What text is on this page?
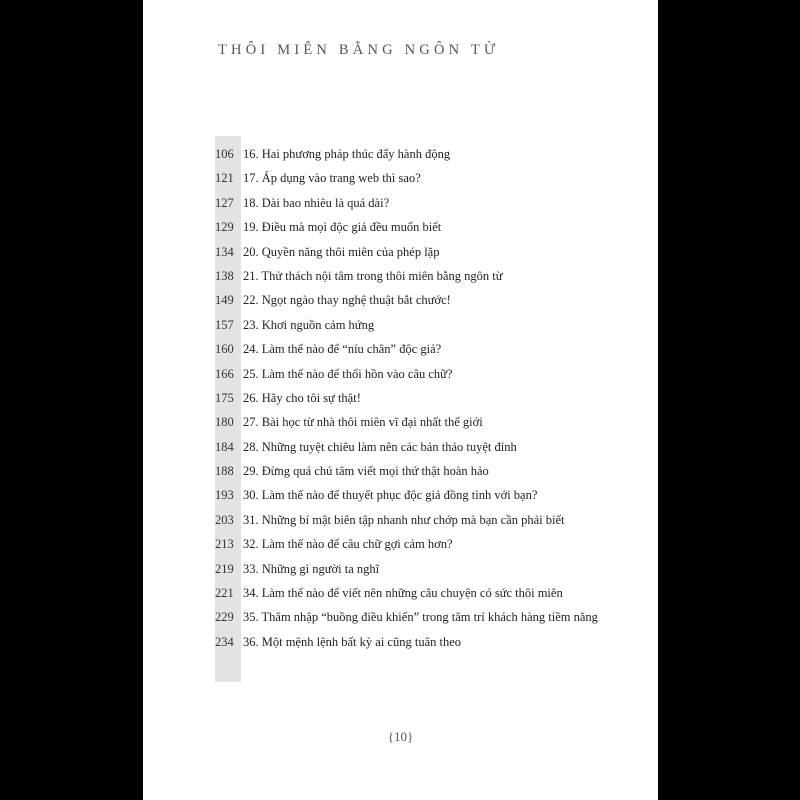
THÔI MIÊN BẰNG NGÔN TỪ
106 16. Hai phương pháp thúc đẩy hành động
121 17. Áp dụng vào trang web thì sao?
127 18. Dài bao nhiêu là quá dài?
129 19. Điều mà mọi độc giả đều muốn biết
134 20. Quyền năng thôi miên của phép lặp
138 21. Thử thách nội tâm trong thôi miên bằng ngôn từ
149 22. Ngọt ngào thay nghệ thuật bắt chước!
157 23. Khơi nguồn cảm hứng
160 24. Làm thế nào để “níu chân” độc giả?
166 25. Làm thế nào để thổi hồn vào câu chữ?
175 26. Hãy cho tôi sự thật!
180 27. Bài học từ nhà thôi miên vĩ đại nhất thế giới
184 28. Những tuyệt chiêu làm nên các bản thảo tuyệt đỉnh
188 29. Đừng quá chú tâm viết mọi thứ thật hoàn hảo
193 30. Làm thế nào để thuyết phục độc giả đồng tình với bạn?
203 31. Những bí mật biên tập nhanh như chớp mà bạn cần phải biết
213 32. Làm thế nào để câu chữ gợi cảm hơn?
219 33. Những gì người ta nghĩ
221 34. Làm thế nào để viết nên những câu chuyện có sức thôi miên
229 35. Thâm nhập “buồng điều khiển” trong tâm trí khách hàng tiềm năng
234 36. Một mệnh lệnh bất kỳ ai cũng tuân theo
{10}
